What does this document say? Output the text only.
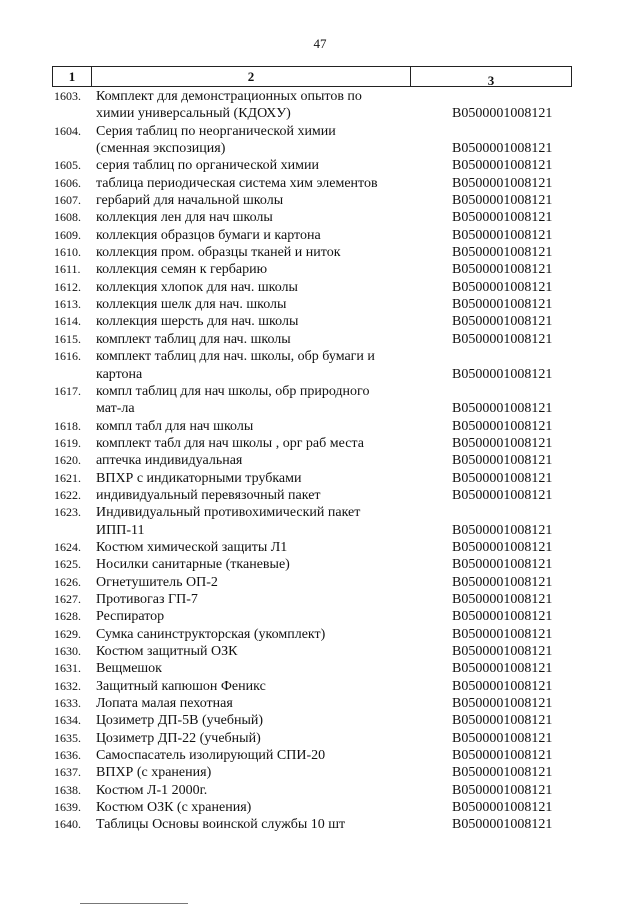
47
1	2	3
1603.	Комплект для демонстрационных опытов по
химии универсальный (КДОХУ)	В0500001008121
1604.	Серия таблиц по неорганической химии
(сменная экспозиция)	В0500001008121
1605.	серия таблиц по органической химии	В0500001008121
1606.	таблица периодическая система хим элементов	В0500001008121
1607.	гербарий для начальной школы	В0500001008121
1608.	коллекция лен для нач школы	В0500001008121
1609.	коллекция образцов бумаги и картона	В0500001008121
1610.	коллекция пром. образцы тканей и ниток	В0500001008121
1611.	коллекция семян к гербарию	В0500001008121
1612.	коллекция хлопок для нач. школы	В0500001008121
1613.	коллекция шелк для нач. школы	В0500001008121
1614.	коллекция шерсть для нач. школы	В0500001008121
1615.	комплект таблиц для нач. школы	В0500001008121
1616.	комплект таблиц для нач. школы, обр бумаги и
картона	В0500001008121
1617.	компл таблиц для нач школы, обр природного
мат-ла	В0500001008121
1618.	компл табл для нач школы	В0500001008121
1619.	комплект табл для нач школы , орг раб места	В0500001008121
1620.	аптечка индивидуальная	В0500001008121
1621.	ВПХР с индикаторными трубками	В0500001008121
1622.	индивидуальный перевязочный пакет	В0500001008121
1623.	Индивидуальный противохимический пакет
ИПП-11	В0500001008121
1624.	Костюм химической защиты Л1	В0500001008121
1625.	Носилки санитарные (тканевые)	В0500001008121
1626.	Огнетушитель ОП-2	В0500001008121
1627.	Противогаз ГП-7	В0500001008121
1628.	Респиратор	В0500001008121
1629.	Сумка санинструкторская (укомплект)	В0500001008121
1630.	Костюм защитный ОЗК	В0500001008121
1631.	Вещмешок	В0500001008121
1632.	Защитный капюшон Феникс	В0500001008121
1633.	Лопата малая пехотная	В0500001008121
1634.	Цозиметр ДП-5В (учебный)	В0500001008121
1635.	Цозиметр ДП-22 (учебный)	В0500001008121
1636.	Самоспасатель изолирующий СПИ-20	В0500001008121
1637.	ВПХР (с хранения)	В0500001008121
1638.	Костюм Л-1 2000г.	В0500001008121
1639.	Костюм ОЗК (с хранения)	В0500001008121
1640.	Таблицы Основы воинской службы 10 шт	В0500001008121
